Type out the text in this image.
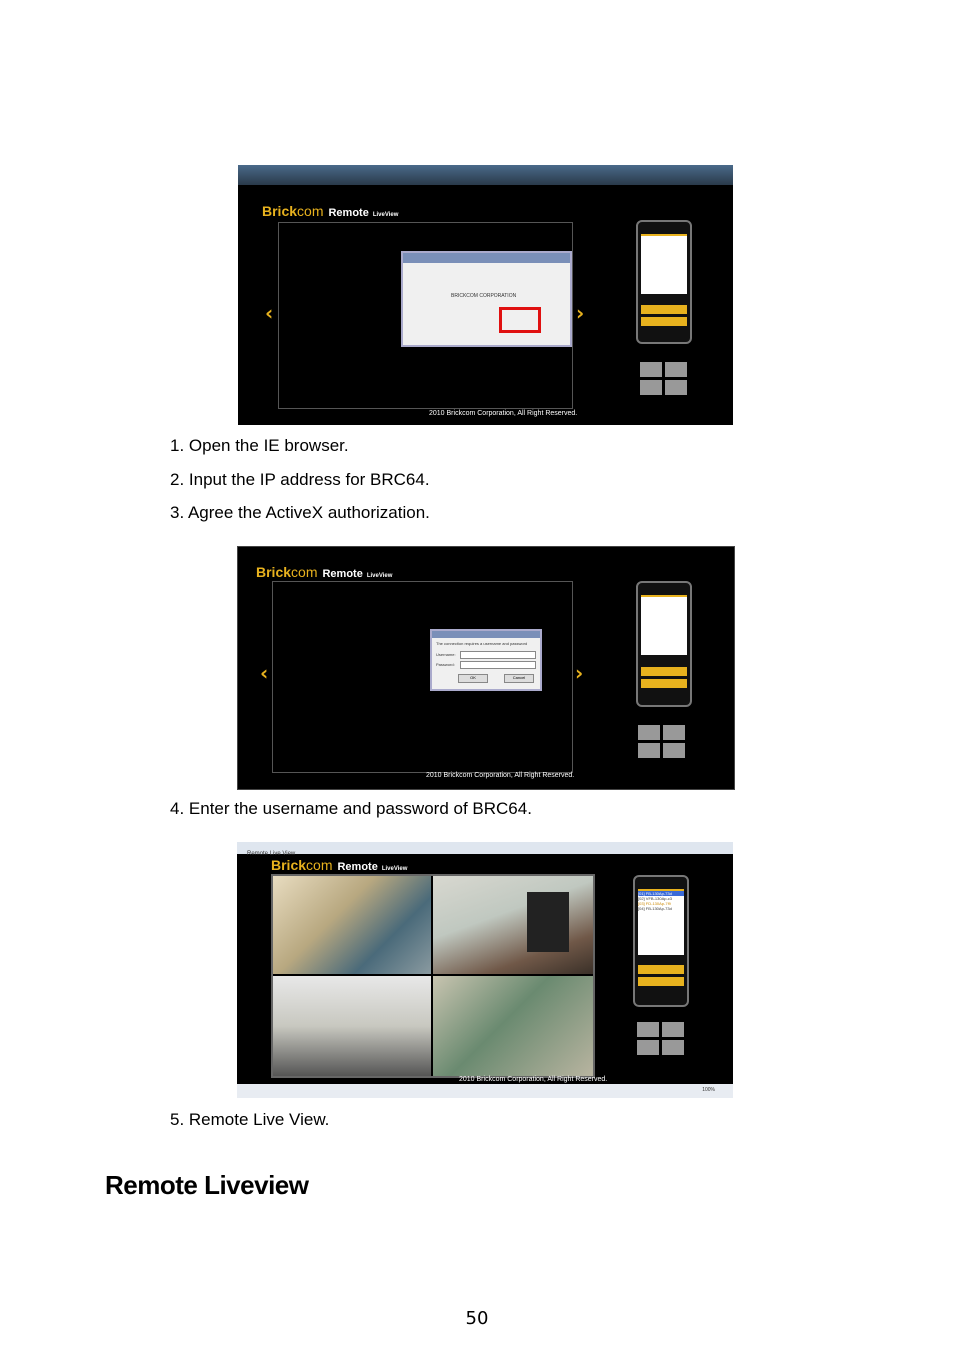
Brickcom Remote LiveView
‹	›
BRICKCOM CORPORATION
2010 Brickcom Corporation, All Right Reserved.
1. Open the IE browser.
2. Input the IP address for BRC64.
3. Agree the ActiveX authorization.
Brickcom Remote LiveView
‹	›
The connection requires a username and password
Username:
Password:
OK	Cancel
2010 Brickcom Corporation, All Right Reserved.
4. Enter the username and password of BRC64.
Remote Live View
Brickcom Remote LiveView
2010 Brickcom Corporation, All Right Reserved.
[01] FB-130Ap-73d
[02] VFB-130Ap-c3
[03] FD-130Ap-7f9
[04] FB-130Ap-73d
100%
5. Remote Live View.
Remote Liveview
50
